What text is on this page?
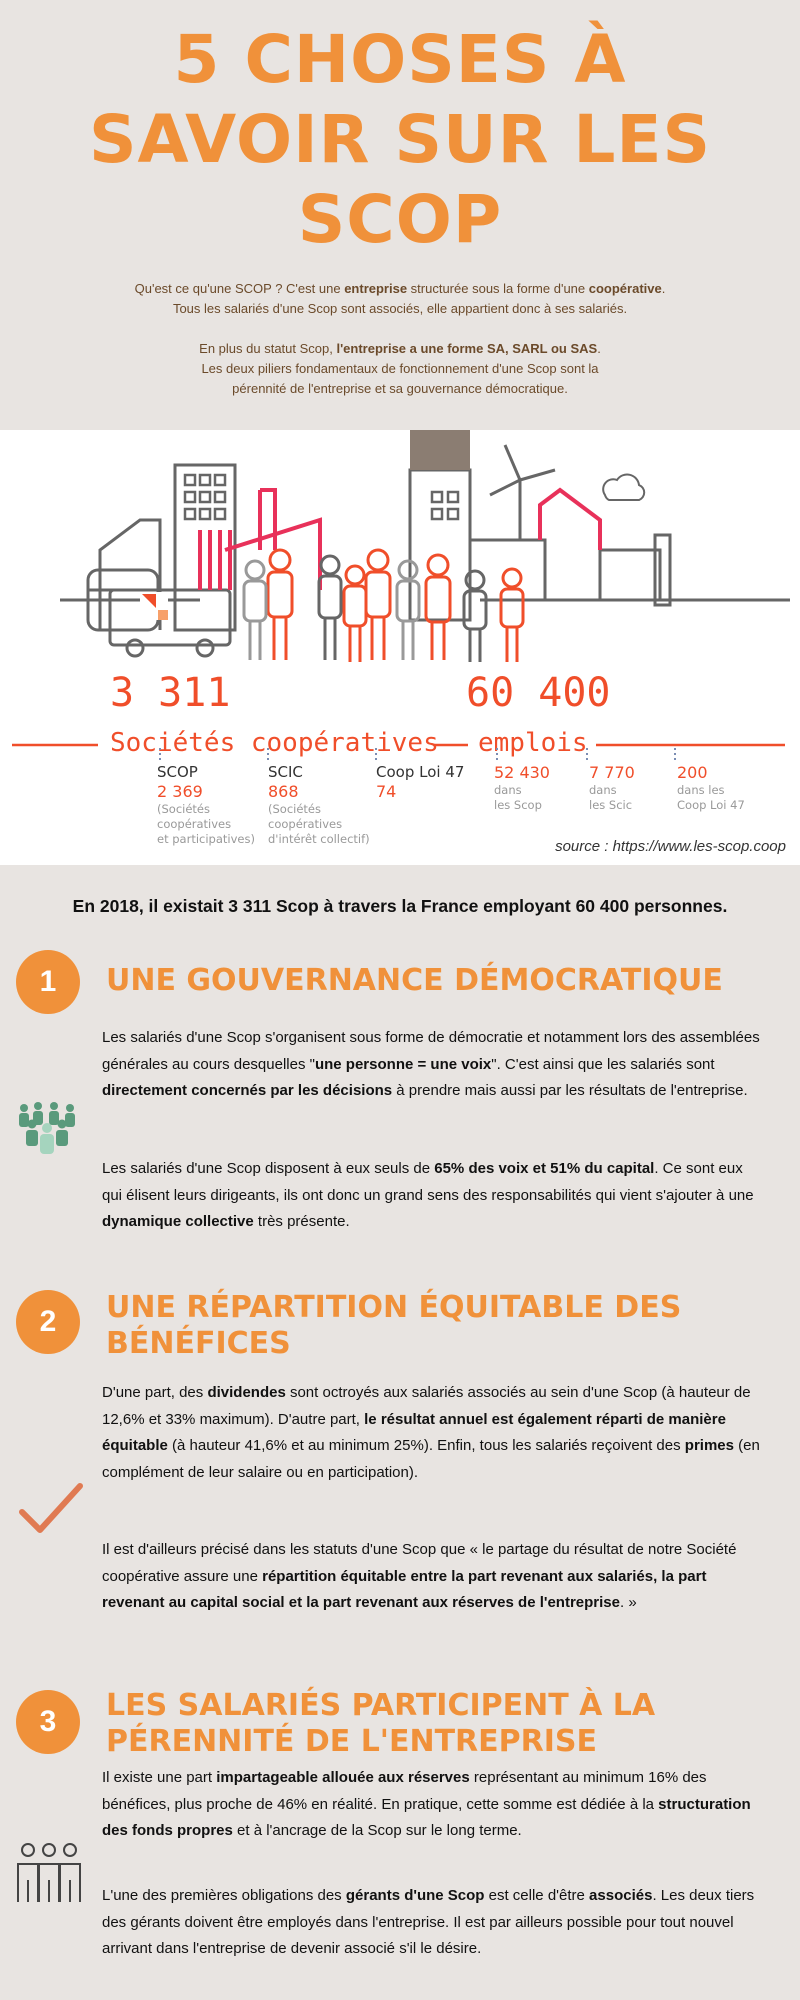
5 CHOSES À
SAVOIR SUR LES
SCOP
Qu'est ce qu'une SCOP ? C'est une entreprise structurée sous la forme d'une coopérative.
Tous les salariés d'une Scop sont associés, elle appartient donc à ses salariés.
En plus du statut Scop, l'entreprise a une forme SA, SARL ou SAS.
Les deux piliers fondamentaux de fonctionnement d'une Scop sont la
pérennité de l'entreprise et sa gouvernance démocratique.
3 311	60 400
Sociétés coopératives emplois
SCOP
2 369
(Sociétés
coopératives
et participatives)
SCIC
868
(Sociétés
coopératives
d'intérêt collectif)
Coop Loi 47
74
52 430
dans
les Scop
7 770
dans
les Scic
200
dans les
Coop Loi 47
source : https://www.les-scop.coop
En 2018, il existait 3 311 Scop à travers la France employant 60 400 personnes.
1	UNE GOUVERNANCE DÉMOCRATIQUE

Les salariés d'une Scop s'organisent sous forme de démocratie et notamment lors des assemblées générales au cours desquelles "une personne = une voix". C'est ainsi que les salariés sont directement concernés par les décisions à prendre mais aussi par les résultats de l'entreprise.

Les salariés d'une Scop disposent à eux seuls de 65% des voix et 51% du capital. Ce sont eux qui élisent leurs dirigeants, ils ont donc un grand sens des responsabilités qui vient s'ajouter à une dynamique collective très présente.

2	UNE RÉPARTITION ÉQUITABLE DES
BÉNÉFICES

D'une part, des dividendes sont octroyés aux salariés associés au sein d'une Scop (à hauteur de 12,6% et 33% maximum). D'autre part, le résultat annuel est également réparti de manière équitable (à hauteur 41,6% et au minimum 25%). Enfin, tous les salariés reçoivent des primes (en complément de leur salaire ou en participation).

Il est d'ailleurs précisé dans les statuts d'une Scop que « le partage du résultat de notre Société coopérative assure une répartition équitable entre la part revenant aux salariés, la part revenant au capital social et la part revenant aux réserves de l'entreprise. »

3	LES SALARIÉS PARTICIPENT À LA
PÉRENNITÉ DE L'ENTREPRISE

Il existe une part impartageable allouée aux réserves représentant au minimum 16% des bénéfices, plus proche de 46% en réalité. En pratique, cette somme est dédiée à la structuration des fonds propres et à l'ancrage de la Scop sur le long terme.

L'une des premières obligations des gérants d'une Scop est celle d'être associés. Les deux tiers des gérants doivent être employés dans l'entreprise. Il est par ailleurs possible pour tout nouvel arrivant dans l'entreprise de devenir associé s'il le désire.
